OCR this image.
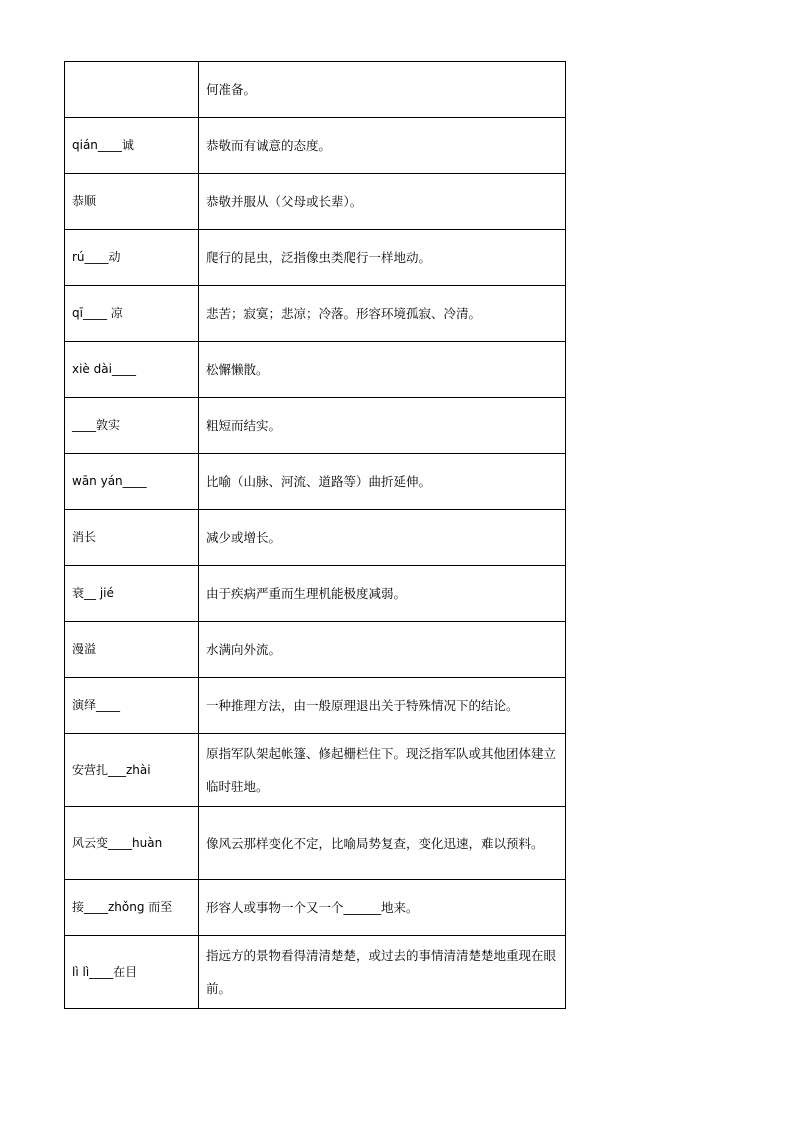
	何准备。
qián____诚	恭敬而有诚意的态度。
恭顺	恭敬并服从（父母或长辈）。
rú____动	爬行的昆虫，泛指像虫类爬行一样地动。
qī____ 凉	悲苦；寂寞；悲凉；冷落。形容环境孤寂、冷清。
xiè dài____	松懈懒散。
____敦实	粗短而结实。
wān yán____	比喻（山脉、河流、道路等）曲折延伸。
消长	减少或增长。
衰__ jié	由于疾病严重而生理机能极度减弱。
漫溢	水满向外流。
演绎____	一种推理方法，由一般原理退出关于特殊情况下的结论。
安营扎___zhài	原指军队架起帐篷、修起栅栏住下。现泛指军队或其他团体建立临时驻地。
风云变____huàn	像风云那样变化不定，比喻局势复查，变化迅速，难以预料。
接____zhǒng 而至	形容人或事物一个又一个______地来。
lì lì____在目	指远方的景物看得清清楚楚，或过去的事情清清楚楚地重现在眼前。
